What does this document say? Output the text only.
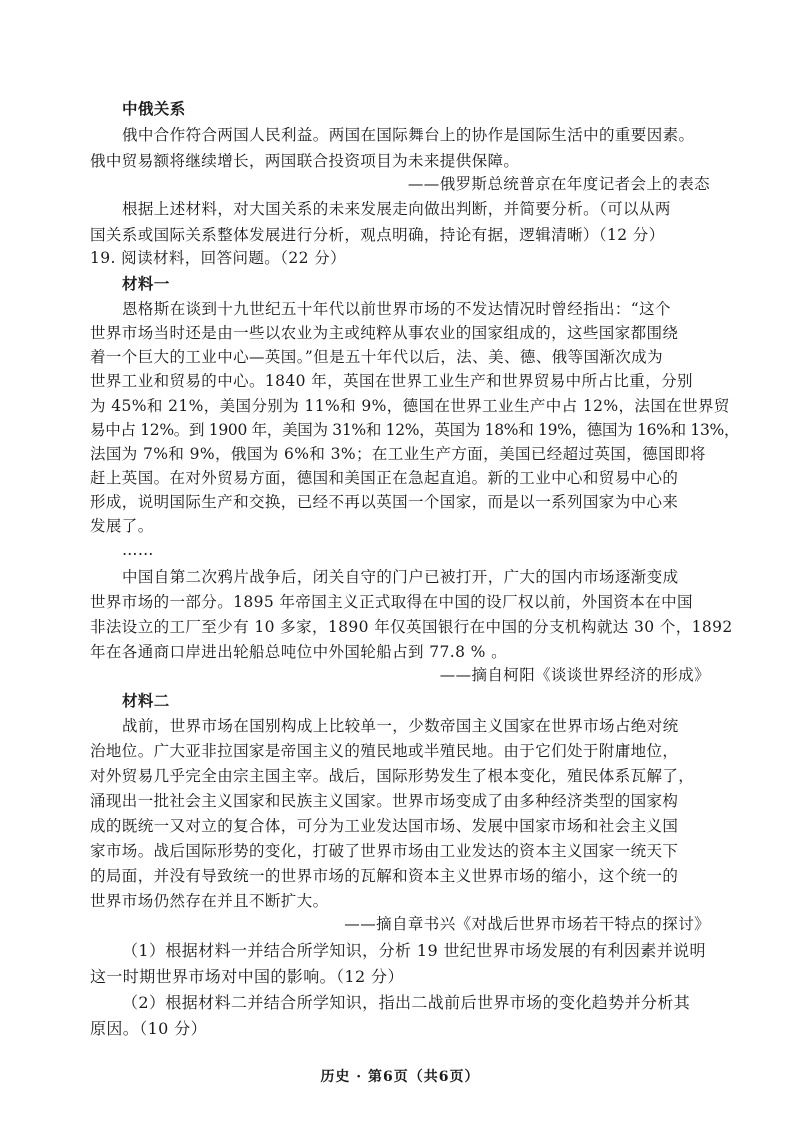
中俄关系
俄中合作符合两国人民利益。两国在国际舞台上的协作是国际生活中的重要因素。
俄中贸易额将继续增长，两国联合投资项目为未来提供保障。
——俄罗斯总统普京在年度记者会上的表态
根据上述材料，对大国关系的未来发展走向做出判断，并简要分析。（可以从两
国关系或国际关系整体发展进行分析，观点明确，持论有据，逻辑清晰）（12 分）
19. 阅读材料，回答问题。（22 分）
材料一
恩格斯在谈到十九世纪五十年代以前世界市场的不发达情况时曾经指出：“这个
世界市场当时还是由一些以农业为主或纯粹从事农业的国家组成的，这些国家都围绕
着一个巨大的工业中心—英国。”但是五十年代以后，法、美、德、俄等国渐次成为
世界工业和贸易的中心。1840 年，英国在世界工业生产和世界贸易中所占比重，分别
为 45%和 21%，美国分别为 11%和 9%，德国在世界工业生产中占 12%，法国在世界贸
易中占 12%。到 1900 年，美国为 31%和 12%，英国为 18%和 19%，德国为 16%和 13%，
法国为 7%和 9%，俄国为 6%和 3%；在工业生产方面，美国已经超过英国，德国即将
赶上英国。在对外贸易方面，德国和美国正在急起直追。新的工业中心和贸易中心的
形成，说明国际生产和交换，已经不再以英国一个国家，而是以一系列国家为中心来
发展了。
……
中国自第二次鸦片战争后，闭关自守的门户已被打开，广大的国内市场逐渐变成
世界市场的一部分。1895 年帝国主义正式取得在中国的设厂权以前，外国资本在中国
非法设立的工厂至少有 10 多家，1890 年仅英国银行在中国的分支机构就达 30 个，1892
年在各通商口岸进出轮船总吨位中外国轮船占到 77.8 % 。
——摘自柯阳《谈谈世界经济的形成》
材料二
战前，世界市场在国别构成上比较单一，少数帝国主义国家在世界市场占绝对统
治地位。广大亚非拉国家是帝国主义的殖民地或半殖民地。由于它们处于附庸地位，
对外贸易几乎完全由宗主国主宰。战后，国际形势发生了根本变化，殖民体系瓦解了，
涌现出一批社会主义国家和民族主义国家。世界市场变成了由多种经济类型的国家构
成的既统一又对立的复合体，可分为工业发达国市场、发展中国家市场和社会主义国
家市场。战后国际形势的变化，打破了世界市场由工业发达的资本主义国家一统天下
的局面，并没有导致统一的世界市场的瓦解和资本主义世界市场的缩小，这个统一的
世界市场仍然存在并且不断扩大。
——摘自章书兴《对战后世界市场若干特点的探讨》
（1）根据材料一并结合所学知识，分析 19 世纪世界市场发展的有利因素并说明
这一时期世界市场对中国的影响。（12 分）
（2）根据材料二并结合所学知识，指出二战前后世界市场的变化趋势并分析其
原因。（10 分）
历史 · 第6页（共6页）
